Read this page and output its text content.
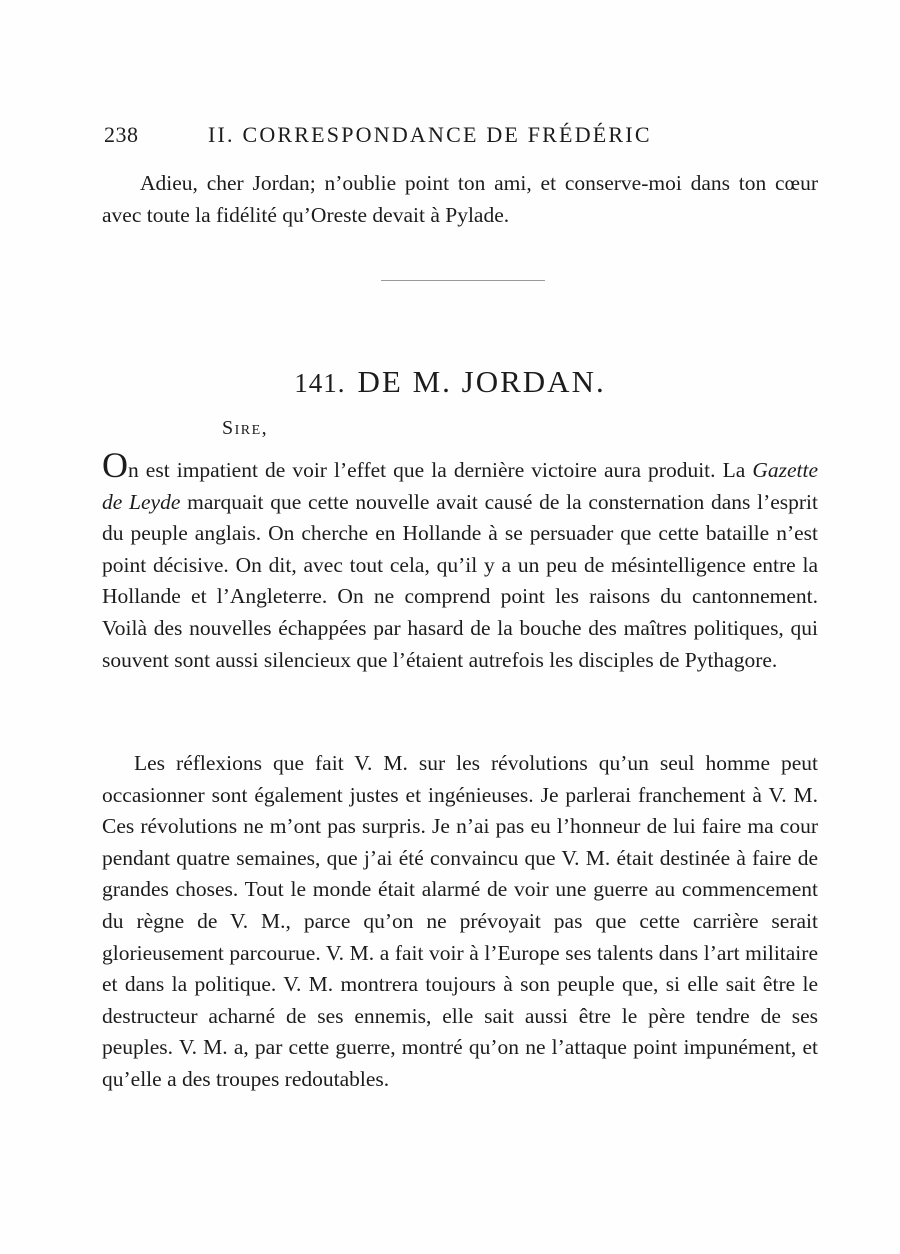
238	II. CORRESPONDANCE DE FRÉDÉRIC

Adieu, cher Jordan; n’oublie point ton ami, et conserve-moi dans ton cœur avec toute la fidélité qu’Oreste devait à Pylade.

141. DE M. JORDAN.
Sire,

On est impatient de voir l’effet que la dernière victoire aura produit. La Gazette de Leyde marquait que cette nouvelle avait causé de la consternation dans l’esprit du peuple anglais. On cherche en Hollande à se persuader que cette bataille n’est point décisive. On dit, avec tout cela, qu’il y a un peu de mésintelligence entre la Hollande et l’Angleterre. On ne comprend point les raisons du cantonnement. Voilà des nouvelles échappées par hasard de la bouche des maîtres politiques, qui souvent sont aussi silencieux que l’étaient autrefois les disciples de Pythagore.

Les réflexions que fait V. M. sur les révolutions qu’un seul homme peut occasionner sont également justes et ingénieuses. Je parlerai franchement à V. M. Ces révolutions ne m’ont pas surpris. Je n’ai pas eu l’honneur de lui faire ma cour pendant quatre semaines, que j’ai été convaincu que V. M. était destinée à faire de grandes choses. Tout le monde était alarmé de voir une guerre au commencement du règne de V. M., parce qu’on ne prévoyait pas que cette carrière serait glorieusement parcourue. V. M. a fait voir à l’Europe ses talents dans l’art militaire et dans la politique. V. M. montrera toujours à son peuple que, si elle sait être le destructeur acharné de ses ennemis, elle sait aussi être le père tendre de ses peuples. V. M. a, par cette guerre, montré qu’on ne l’attaque point impunément, et qu’elle a des troupes redoutables.
